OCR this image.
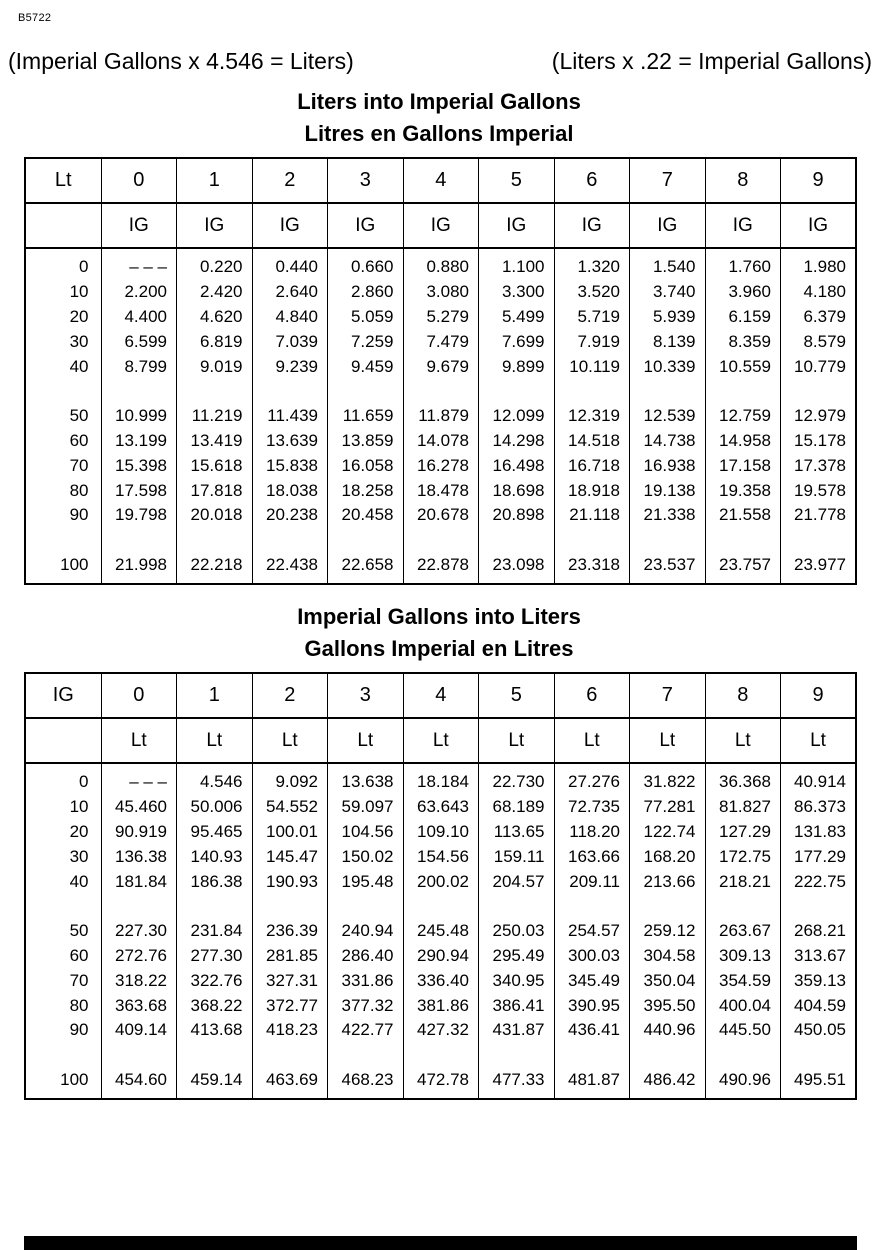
B5722
(Imperial Gallons x 4.546 = Liters)	(Liters x .22 = Imperial Gallons)
Liters into Imperial Gallons
Litres en Gallons Imperial
Lt	0	1	2	3	4	5	6	7	8	9
	IG	IG	IG	IG	IG	IG	IG	IG	IG	IG
0	– – –	0.220	0.440	0.660	0.880	1.100	1.320	1.540	1.760	1.980
10	2.200	2.420	2.640	2.860	3.080	3.300	3.520	3.740	3.960	4.180
20	4.400	4.620	4.840	5.059	5.279	5.499	5.719	5.939	6.159	6.379
30	6.599	6.819	7.039	7.259	7.479	7.699	7.919	8.139	8.359	8.579
40	8.799	9.019	9.239	9.459	9.679	9.899	10.119	10.339	10.559	10.779

50	10.999	11.219	11.439	11.659	11.879	12.099	12.319	12.539	12.759	12.979
60	13.199	13.419	13.639	13.859	14.078	14.298	14.518	14.738	14.958	15.178
70	15.398	15.618	15.838	16.058	16.278	16.498	16.718	16.938	17.158	17.378
80	17.598	17.818	18.038	18.258	18.478	18.698	18.918	19.138	19.358	19.578
90	19.798	20.018	20.238	20.458	20.678	20.898	21.118	21.338	21.558	21.778

100	21.998	22.218	22.438	22.658	22.878	23.098	23.318	23.537	23.757	23.977
Imperial Gallons into Liters
Gallons Imperial en Litres
IG	0	1	2	3	4	5	6	7	8	9
	Lt	Lt	Lt	Lt	Lt	Lt	Lt	Lt	Lt	Lt
0	– – –	4.546	9.092	13.638	18.184	22.730	27.276	31.822	36.368	40.914
10	45.460	50.006	54.552	59.097	63.643	68.189	72.735	77.281	81.827	86.373
20	90.919	95.465	100.01	104.56	109.10	113.65	118.20	122.74	127.29	131.83
30	136.38	140.93	145.47	150.02	154.56	159.11	163.66	168.20	172.75	177.29
40	181.84	186.38	190.93	195.48	200.02	204.57	209.11	213.66	218.21	222.75

50	227.30	231.84	236.39	240.94	245.48	250.03	254.57	259.12	263.67	268.21
60	272.76	277.30	281.85	286.40	290.94	295.49	300.03	304.58	309.13	313.67
70	318.22	322.76	327.31	331.86	336.40	340.95	345.49	350.04	354.59	359.13
80	363.68	368.22	372.77	377.32	381.86	386.41	390.95	395.50	400.04	404.59
90	409.14	413.68	418.23	422.77	427.32	431.87	436.41	440.96	445.50	450.05

100	454.60	459.14	463.69	468.23	472.78	477.33	481.87	486.42	490.96	495.51
